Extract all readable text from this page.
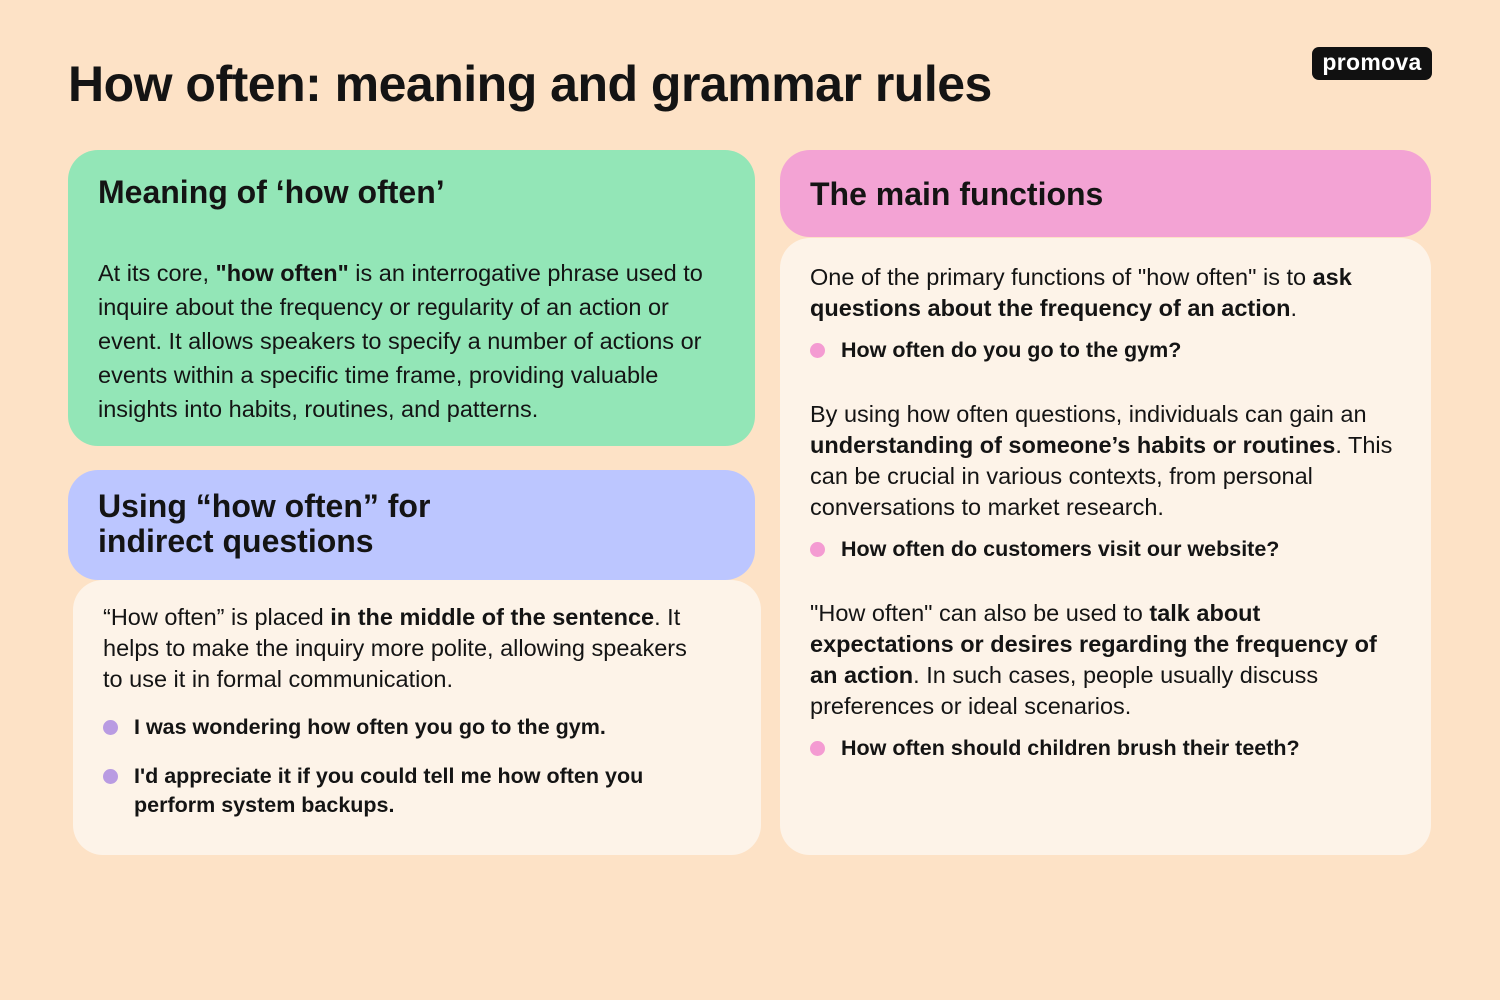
How often: meaning and grammar rules	promova
Meaning of ‘how often’

At its core, "how often" is an interrogative phrase used to inquire about the frequency or regularity of an action or event. It allows speakers to specify a number of actions or events within a specific time frame, providing valuable insights into habits, routines, and patterns.

Using “how often” for
indirect questions

“How often” is placed in the middle of the sentence. It helps to make the inquiry more polite, allowing speakers to use it in formal communication.

I was wondering how often you go to the gym.
I'd appreciate it if you could tell me how often you perform system backups.
The main functions

One of the primary functions of "how often" is to ask questions about the frequency of an action.

How often do you go to the gym?

By using how often questions, individuals can gain an understanding of someone’s habits or routines. This can be crucial in various contexts, from personal conversations to market research.

How often do customers visit our website?

"How often" can also be used to talk about expectations or desires regarding the frequency of an action. In such cases, people usually discuss preferences or ideal scenarios.

How often should children brush their teeth?
